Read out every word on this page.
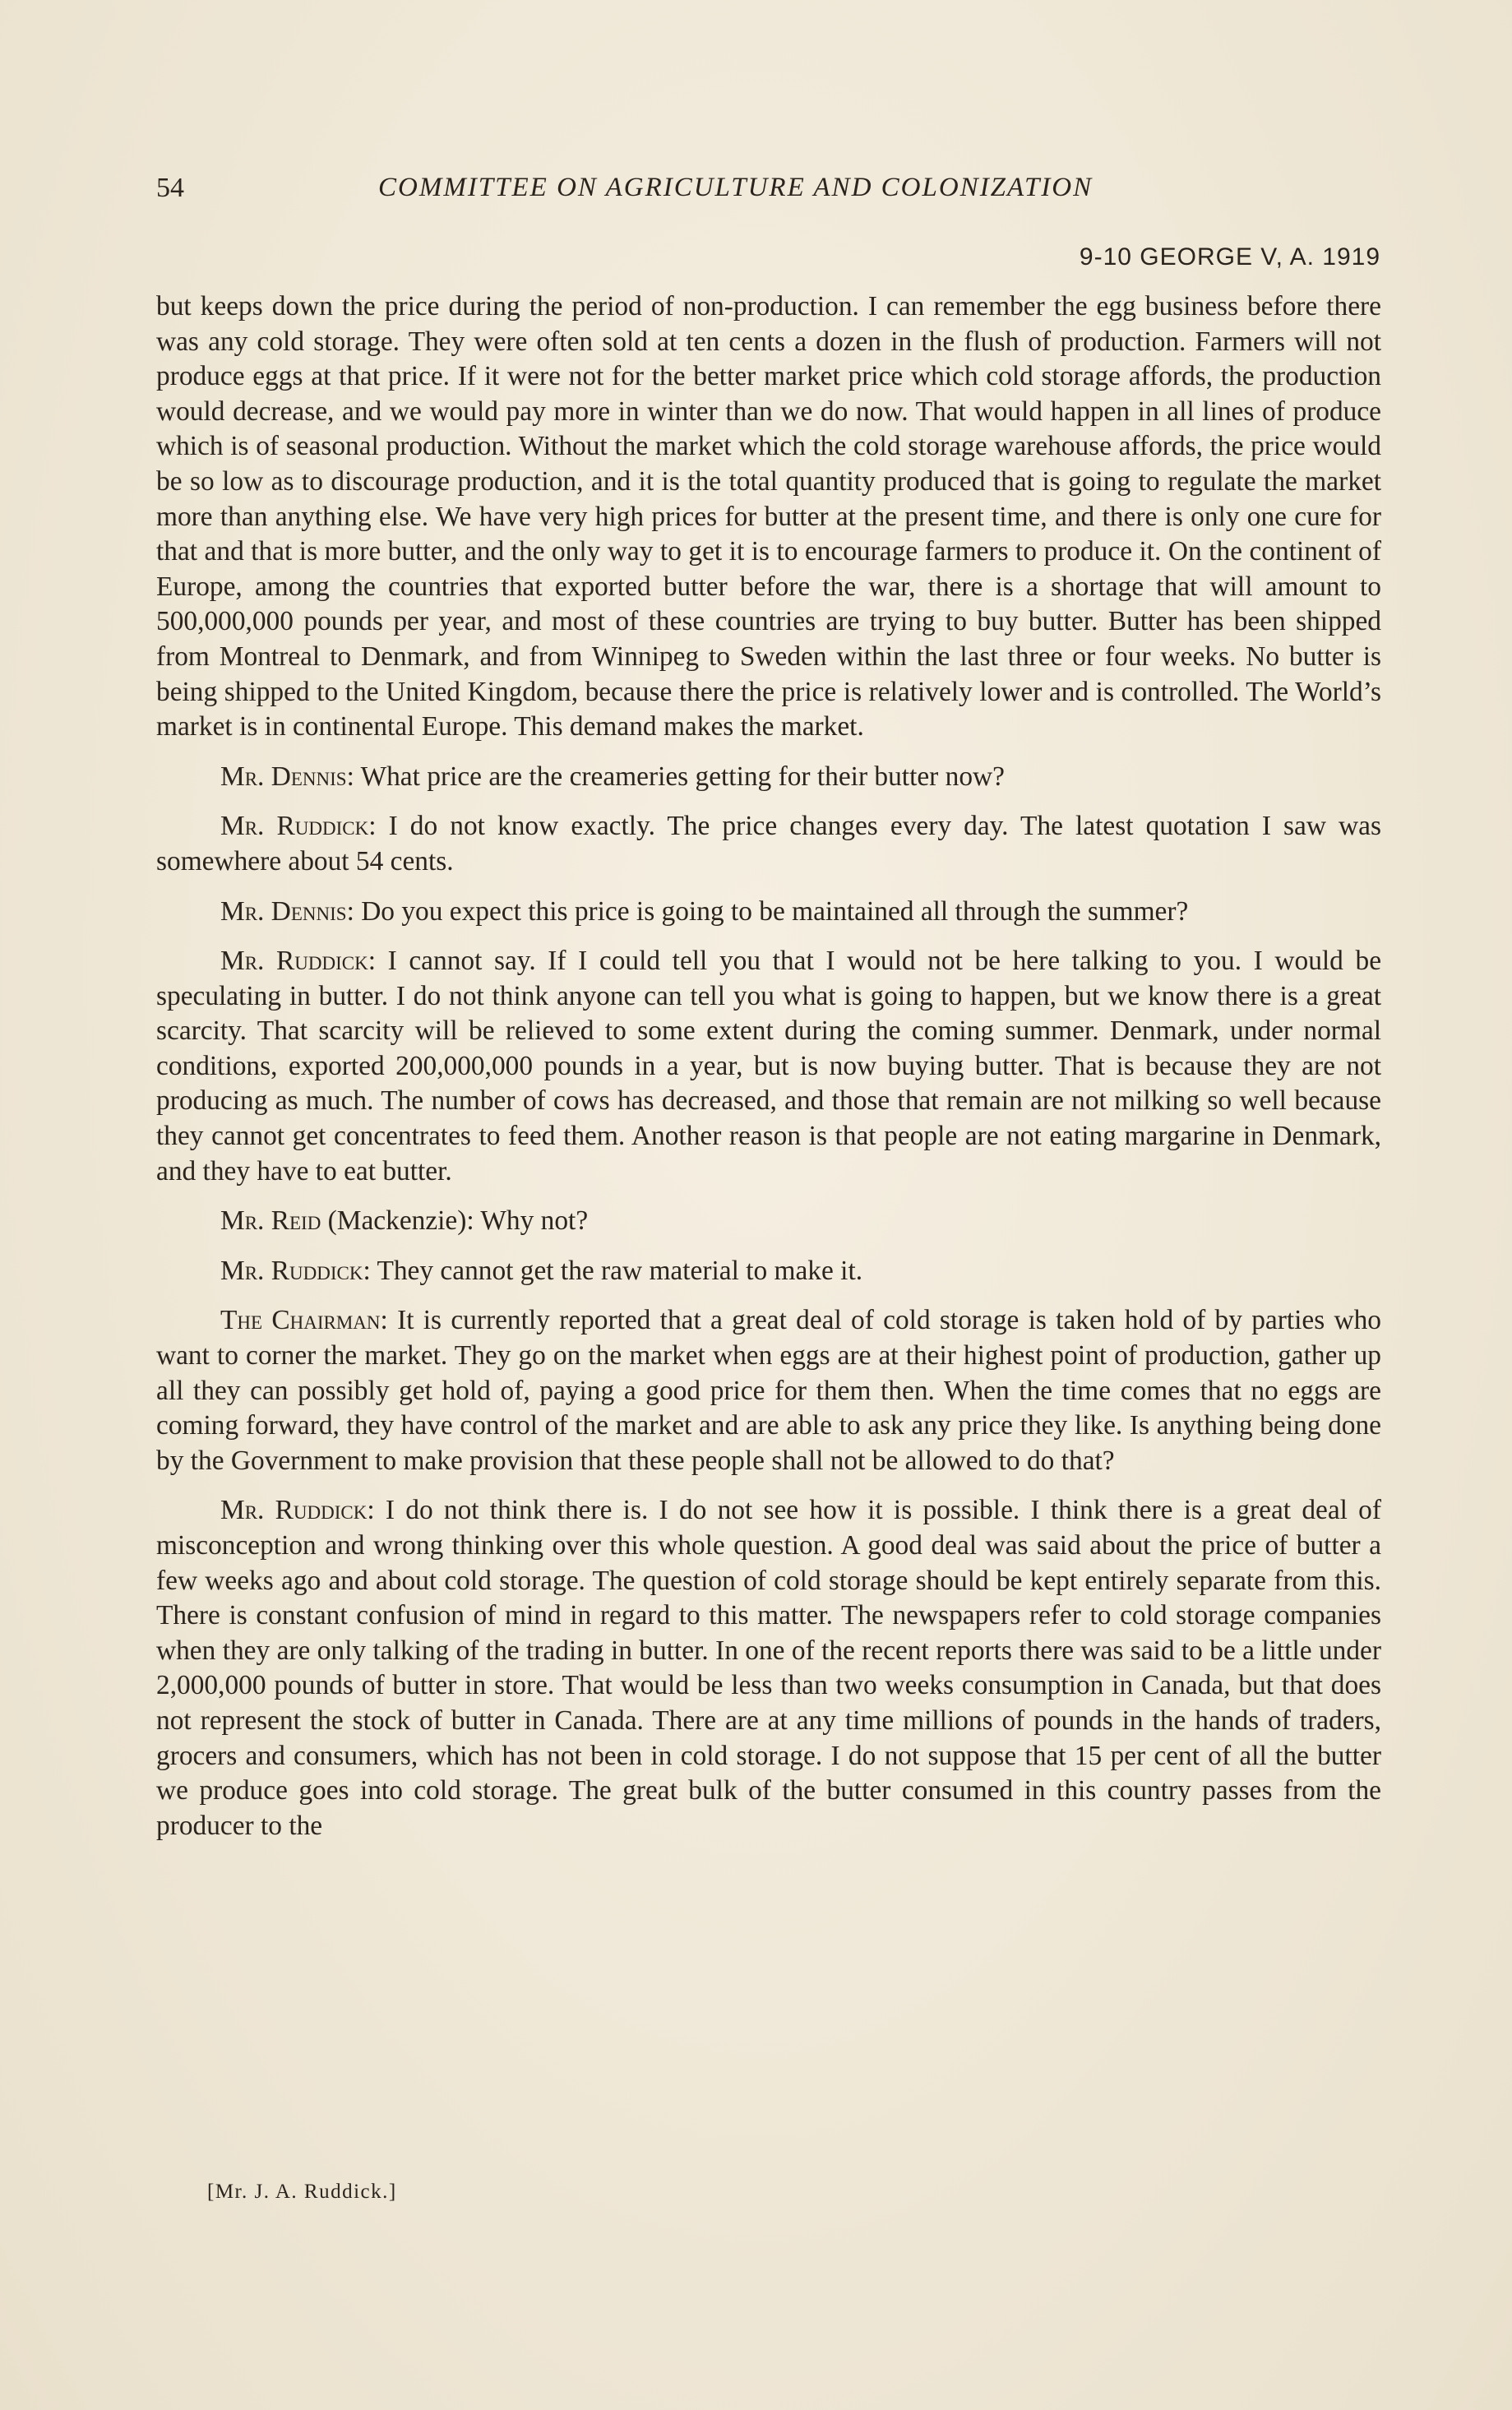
54	COMMITTEE ON AGRICULTURE AND COLONIZATION
9-10 GEORGE V, A. 1919

but keeps down the price during the period of non-production. I can remember the egg business before there was any cold storage. They were often sold at ten cents a dozen in the flush of production. Farmers will not produce eggs at that price. If it were not for the better market price which cold storage affords, the production would decrease, and we would pay more in winter than we do now. That would happen in all lines of produce which is of seasonal production. Without the market which the cold storage warehouse affords, the price would be so low as to discourage production, and it is the total quantity produced that is going to regulate the market more than anything else. We have very high prices for butter at the present time, and there is only one cure for that and that is more butter, and the only way to get it is to encourage farmers to produce it. On the continent of Europe, among the countries that exported butter before the war, there is a shortage that will amount to 500,000,000 pounds per year, and most of these countries are trying to buy butter. Butter has been shipped from Montreal to Denmark, and from Winnipeg to Sweden within the last three or four weeks. No butter is being shipped to the United Kingdom, because there the price is relatively lower and is controlled. The World’s market is in continental Europe. This demand makes the market.

Mr. Dennis: What price are the creameries getting for their butter now?

Mr. Ruddick: I do not know exactly. The price changes every day. The latest quotation I saw was somewhere about 54 cents.

Mr. Dennis: Do you expect this price is going to be maintained all through the summer?

Mr. Ruddick: I cannot say. If I could tell you that I would not be here talking to you. I would be speculating in butter. I do not think anyone can tell you what is going to happen, but we know there is a great scarcity. That scarcity will be relieved to some extent during the coming summer. Denmark, under normal conditions, exported 200,000,000 pounds in a year, but is now buying butter. That is because they are not producing as much. The number of cows has decreased, and those that remain are not milking so well because they cannot get concentrates to feed them. Another reason is that people are not eating margarine in Denmark, and they have to eat butter.

Mr. Reid (Mackenzie): Why not?

Mr. Ruddick: They cannot get the raw material to make it.

The Chairman: It is currently reported that a great deal of cold storage is taken hold of by parties who want to corner the market. They go on the market when eggs are at their highest point of production, gather up all they can possibly get hold of, paying a good price for them then. When the time comes that no eggs are coming forward, they have control of the market and are able to ask any price they like. Is anything being done by the Government to make provision that these people shall not be allowed to do that?

Mr. Ruddick: I do not think there is. I do not see how it is possible. I think there is a great deal of misconception and wrong thinking over this whole question. A good deal was said about the price of butter a few weeks ago and about cold storage. The question of cold storage should be kept entirely separate from this. There is constant confusion of mind in regard to this matter. The newspapers refer to cold storage companies when they are only talking of the trading in butter. In one of the recent reports there was said to be a little under 2,000,000 pounds of butter in store. That would be less than two weeks consumption in Canada, but that does not represent the stock of butter in Canada. There are at any time millions of pounds in the hands of traders, grocers and consumers, which has not been in cold storage. I do not suppose that 15 per cent of all the butter we produce goes into cold storage. The great bulk of the butter consumed in this country passes from the producer to the

[Mr. J. A. Ruddick.]
